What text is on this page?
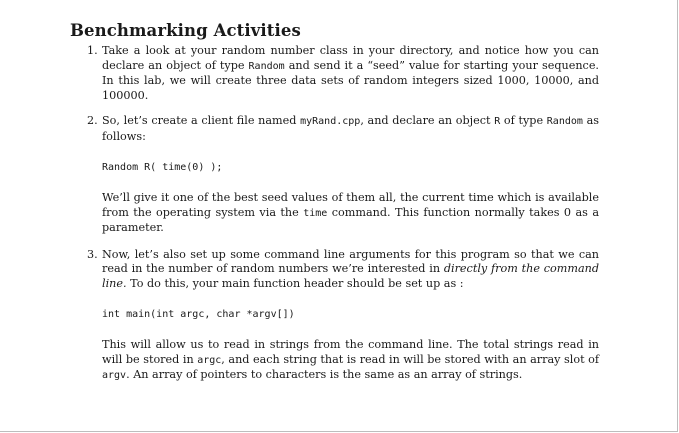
Benchmarking Activities
1. Take a look at your random number class in your directory, and notice how you can declare an object of type Random and send it a “seed” value for starting your sequence. In this lab, we will create three data sets of random integers sized 1000, 10000, and 100000.
2. So, let’s create a client file named myRand.cpp, and declare an object R of type Random as follows:
Random R( time(0) );
We’ll give it one of the best seed values of them all, the current time which is available from the operating system via the time command. This function normally takes 0 as a parameter.
3. Now, let’s also set up some command line arguments for this program so that we can read in the number of random numbers we’re interested in directly from the command line. To do this, your main function header should be set up as :
int main(int argc, char *argv[])
This will allow us to read in strings from the command line. The total strings read in will be stored in argc, and each string that is read in will be stored with an array slot of argv. An array of pointers to characters is the same as an array of strings.
